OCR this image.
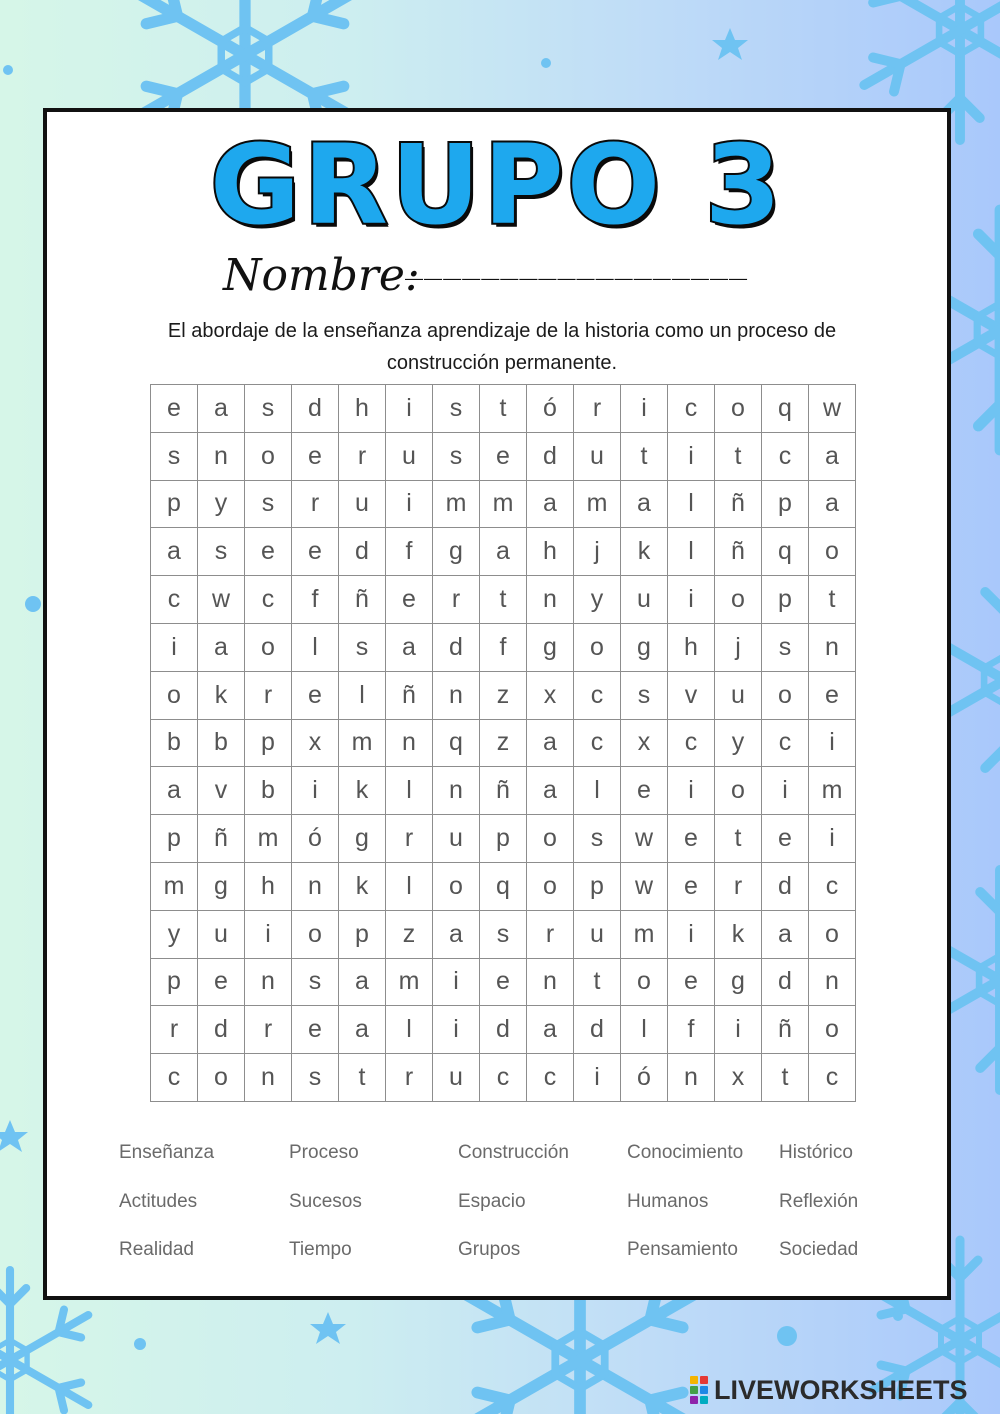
GRUPO 3
Nombre:
__________________
El abordaje de la enseñanza aprendizaje de la historia como un proceso de construcción permanente.
e	a	s	d	h	i	s	t	ó	r	i	c	o	q	w
s	n	o	e	r	u	s	e	d	u	t	i	t	c	a
p	y	s	r	u	i	m	m	a	m	a	l	ñ	p	a
a	s	e	e	d	f	g	a	h	j	k	l	ñ	q	o
c	w	c	f	ñ	e	r	t	n	y	u	i	o	p	t
i	a	o	l	s	a	d	f	g	o	g	h	j	s	n
o	k	r	e	l	ñ	n	z	x	c	s	v	u	o	e
b	b	p	x	m	n	q	z	a	c	x	c	y	c	i
a	v	b	i	k	l	n	ñ	a	l	e	i	o	i	m
p	ñ	m	ó	g	r	u	p	o	s	w	e	t	e	i
m	g	h	n	k	l	o	q	o	p	w	e	r	d	c
y	u	i	o	p	z	a	s	r	u	m	i	k	a	o
p	e	n	s	a	m	i	e	n	t	o	e	g	d	n
r	d	r	e	a	l	i	d	a	d	l	f	i	ñ	o
c	o	n	s	t	r	u	c	c	i	ó	n	x	t	c
Enseñanza	Proceso	Construcción	Conocimiento Histórico
Actitudes	Sucesos	Espacio	Humanos	Reflexión
Realidad	Tiempo	Grupos	Pensamiento Sociedad
LIVEWORKSHEETS
